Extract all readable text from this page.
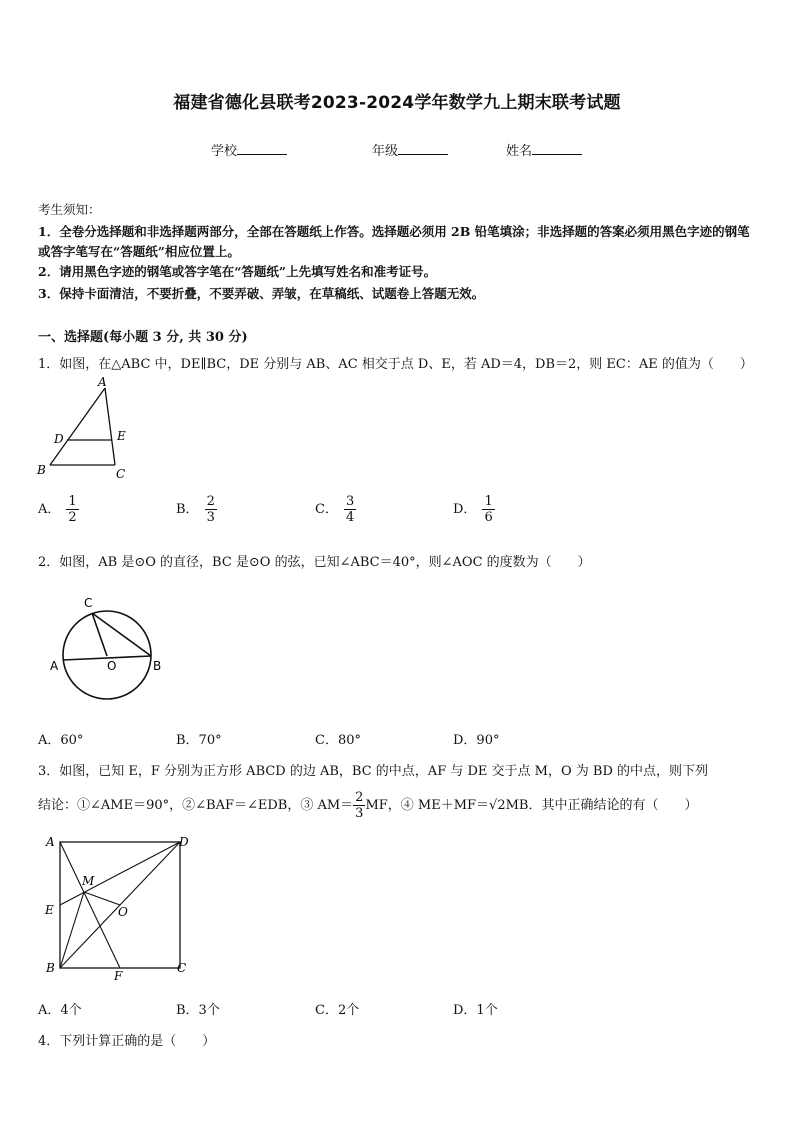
福建省德化县联考2023-2024学年数学九上期末联考试题
学校	年级	姓名
考生须知：
1．全卷分选择题和非选择题两部分，全部在答题纸上作答。选择题必须用 2B 铅笔填涂；非选择题的答案必须用黑色字迹的钢笔或答字笔写在“答题纸”相应位置上。
2．请用黑色字迹的钢笔或答字笔在“答题纸”上先填写姓名和准考证号。
3．保持卡面清洁，不要折叠，不要弄破、弄皱，在草稿纸、试题卷上答题无效。
一、选择题(每小题 3 分, 共 30 分)
1．如图，在△ABC 中，DE∥BC，DE 分别与 AB、AC 相交于点 D、E，若 AD＝4，DB＝2，则 EC：AE 的值为（　　）
A
D	E
B	C
A． $\frac{1}{2}$	B． $\frac{2}{3}$	C． $\frac{3}{4}$	D． $\frac{1}{6}$
2．如图，AB 是⊙O 的直径，BC 是⊙O 的弦，已知∠ABC＝40°，则∠AOC 的度数为（　　）
C
A	O	B
A．60°	B．70°	C．80°	D．90°
3．如图，已知 E，F 分别为正方形 ABCD 的边 AB，BC 的中点，AF 与 DE 交于点 M，O 为 BD 的中点，则下列
结论：①∠AME＝90°，②∠BAF＝∠EDB，③ $AM= \frac{2}{3}$ MF，④ ME＋MF＝√2MB．其中正确结论的有（　　）
A	D
E
M
O
B
F
C
A．4个	B．3个	C．2个	D．1个
4．下列计算正确的是（　　）
